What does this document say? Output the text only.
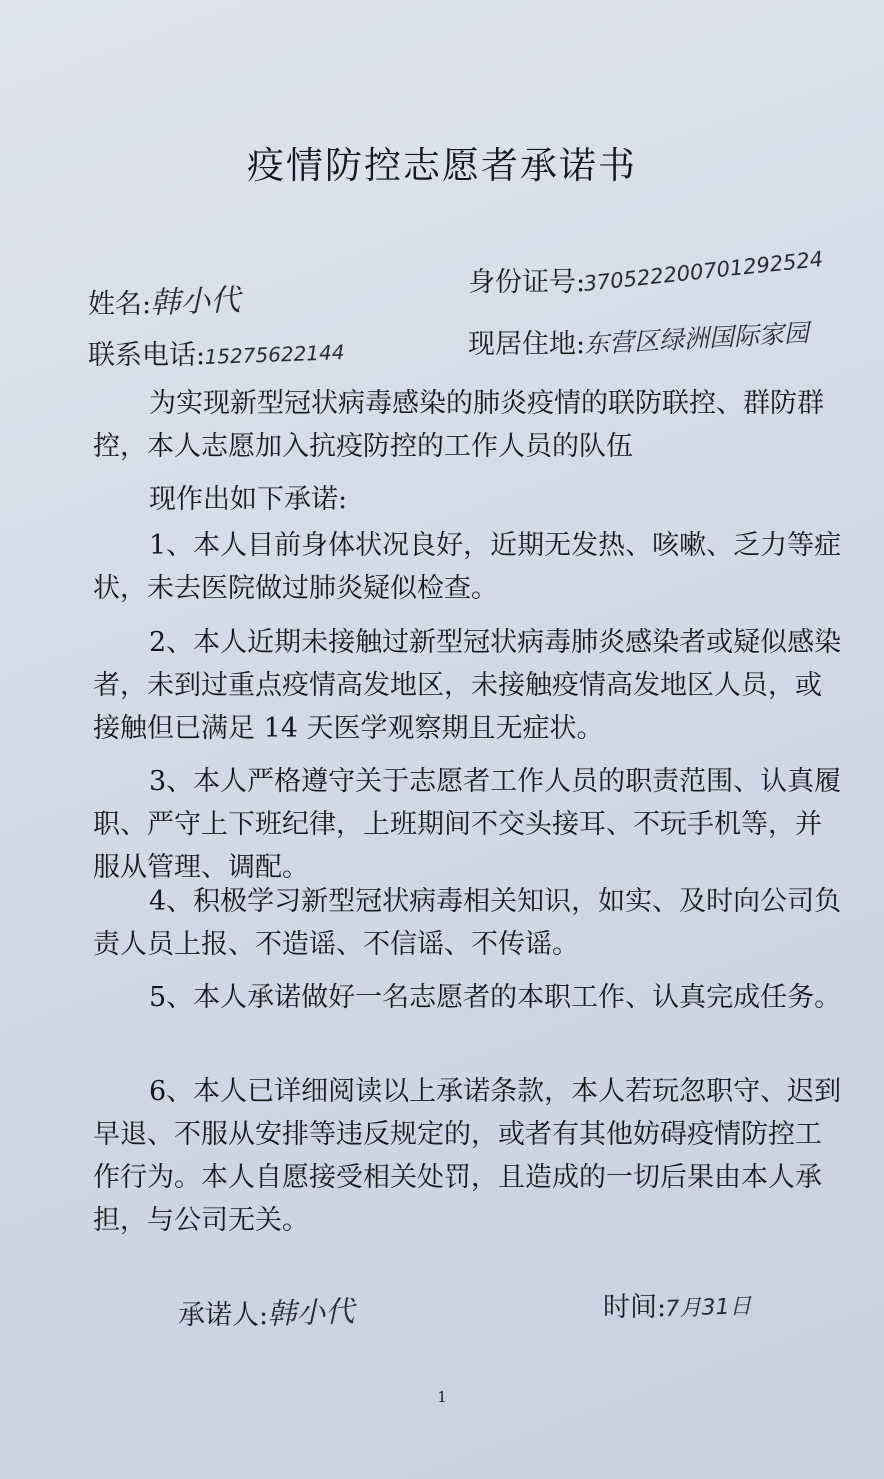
疫情防控志愿者承诺书
姓名:韩小代
身份证号:370522200701292524
联系电话:15275622144	现居住地:东营区绿洲国际家园
为实现新型冠状病毒感染的肺炎疫情的联防联控、群防群控，本人志愿加入抗疫防控的工作人员的队伍
现作出如下承诺:
1、本人目前身体状况良好，近期无发热、咳嗽、乏力等症状，未去医院做过肺炎疑似检查。
2、本人近期未接触过新型冠状病毒肺炎感染者或疑似感染者，未到过重点疫情高发地区，未接触疫情高发地区人员，或接触但已满足 14 天医学观察期且无症状。
3、本人严格遵守关于志愿者工作人员的职责范围、认真履职、严守上下班纪律，上班期间不交头接耳、不玩手机等，并服从管理、调配。
4、积极学习新型冠状病毒相关知识，如实、及时向公司负责人员上报、不造谣、不信谣、不传谣。
5、本人承诺做好一名志愿者的本职工作、认真完成任务。
6、本人已详细阅读以上承诺条款，本人若玩忽职守、迟到早退、不服从安排等违反规定的，或者有其他妨碍疫情防控工作行为。本人自愿接受相关处罚，且造成的一切后果由本人承担，与公司无关。
承诺人:韩小代	时间:7月31日
1
